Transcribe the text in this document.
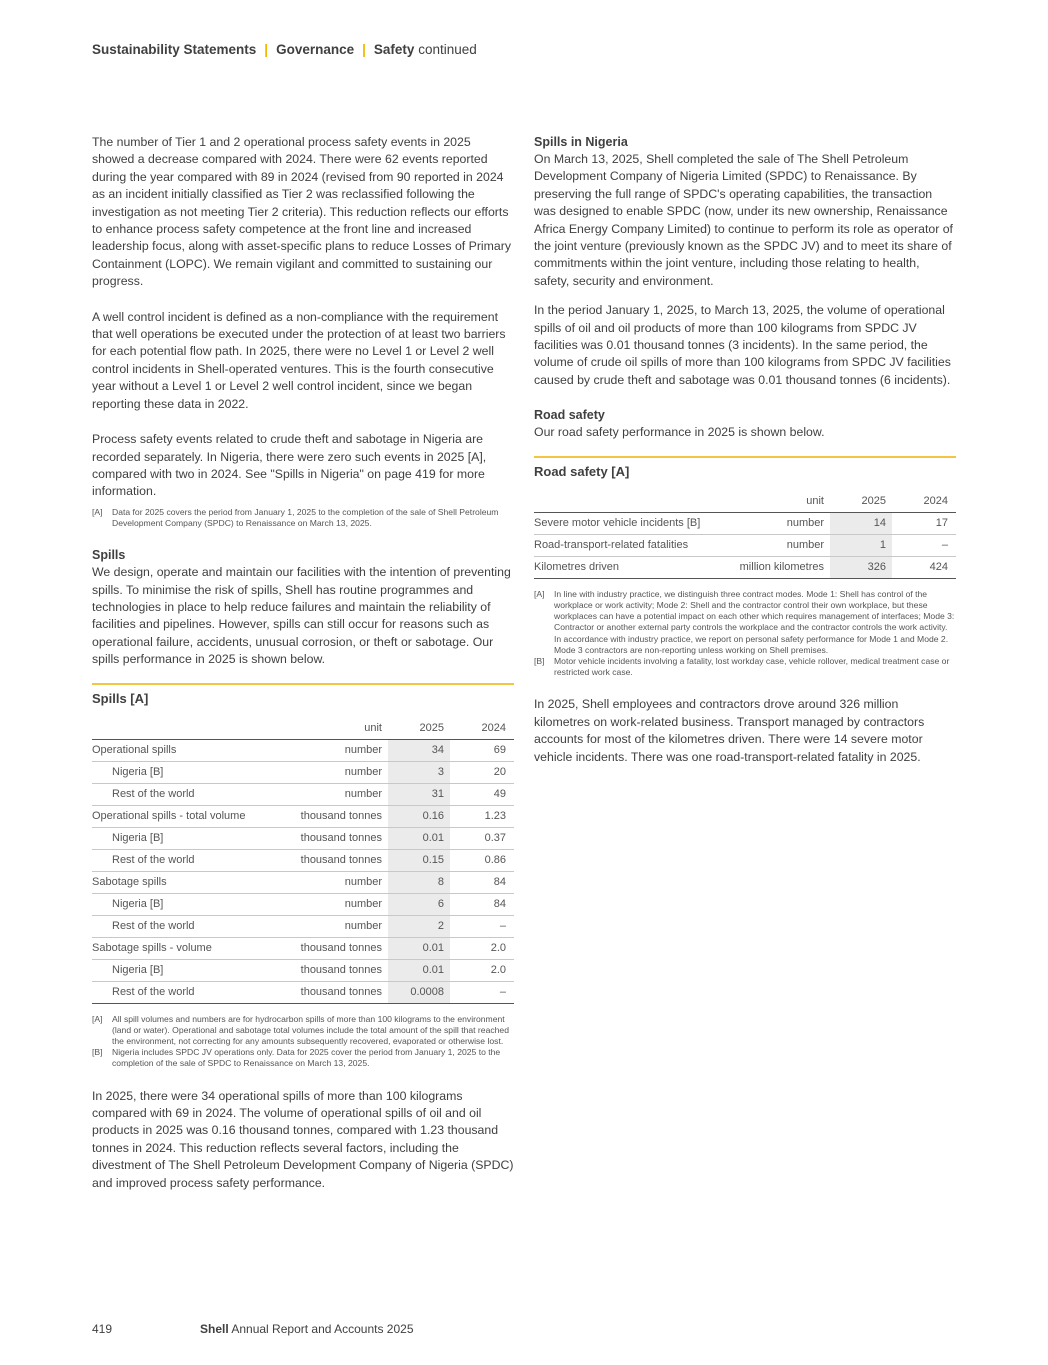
Sustainability Statements | Governance | Safety continued

The number of Tier 1 and 2 operational process safety events in 2025 showed a decrease compared with 2024. There were 62 events reported during the year compared with 89 in 2024 (revised from 90 reported in 2024 as an incident initially classified as Tier 2 was reclassified following the investigation as not meeting Tier 2 criteria). This reduction reflects our efforts to enhance process safety competence at the front line and increased leadership focus, along with asset-specific plans to reduce Losses of Primary Containment (LOPC). We remain vigilant and committed to sustaining our progress.

A well control incident is defined as a non-compliance with the requirement that well operations be executed under the protection of at least two barriers for each potential flow path. In 2025, there were no Level 1 or Level 2 well control incidents in Shell-operated ventures. This is the fourth consecutive year without a Level 1 or Level 2 well control incident, since we began reporting these data in 2022.

Process safety events related to crude theft and sabotage in Nigeria are recorded separately. In Nigeria, there were zero such events in 2025 [A], compared with two in 2024. See "Spills in Nigeria" on page 419 for more information.

[A]	Data for 2025 covers the period from January 1, 2025 to the completion of the sale of Shell Petroleum Development Company (SPDC) to Renaissance on March 13, 2025.

Spills

We design, operate and maintain our facilities with the intention of preventing spills. To minimise the risk of spills, Shell has routine programmes and technologies in place to help reduce failures and maintain the reliability of facilities and pipelines. However, spills can still occur for reasons such as operational failure, accidents, unusual corrosion, or theft or sabotage. Our spills performance in 2025 is shown below.

Spills [A]

	unit	2025	2024
Operational spills	number	34	69
Nigeria [B]	number	3	20
Rest of the world	number	31	49
Operational spills - total volume	thousand tonnes	0.16	1.23
Nigeria [B]	thousand tonnes	0.01	0.37
Rest of the world	thousand tonnes	0.15	0.86
Sabotage spills	number	8	84
Nigeria [B]	number	6	84
Rest of the world	number	2	–
Sabotage spills - volume	thousand tonnes	0.01	2.0
Nigeria [B]	thousand tonnes	0.01	2.0
Rest of the world	thousand tonnes	0.0008	–
[A]	All spill volumes and numbers are for hydrocarbon spills of more than 100 kilograms to the environment (land or water). Operational and sabotage total volumes include the total amount of the spill that reached the environment, not correcting for any amounts subsequently recovered, evaporated or otherwise lost.
[B]	Nigeria includes SPDC JV operations only. Data for 2025 cover the period from January 1, 2025 to the completion of the sale of SPDC to Renaissance on March 13, 2025.

In 2025, there were 34 operational spills of more than 100 kilograms compared with 69 in 2024. The volume of operational spills of oil and oil products in 2025 was 0.16 thousand tonnes, compared with 1.23 thousand tonnes in 2024. This reduction reflects several factors, including the divestment of The Shell Petroleum Development Company of Nigeria (SPDC) and improved process safety performance.

Spills in Nigeria

On March 13, 2025, Shell completed the sale of The Shell Petroleum Development Company of Nigeria Limited (SPDC) to Renaissance. By preserving the full range of SPDC's operating capabilities, the transaction was designed to enable SPDC (now, under its new ownership, Renaissance Africa Energy Company Limited) to continue to perform its role as operator of the joint venture (previously known as the SPDC JV) and to meet its share of commitments within the joint venture, including those relating to health, safety, security and environment.

In the period January 1, 2025, to March 13, 2025, the volume of operational spills of oil and oil products of more than 100 kilograms from SPDC JV facilities was 0.01 thousand tonnes (3 incidents). In the same period, the volume of crude oil spills of more than 100 kilograms from SPDC JV facilities caused by crude theft and sabotage was 0.01 thousand tonnes (6 incidents).

Road safety

Our road safety performance in 2025 is shown below.

Road safety [A]

	unit	2025	2024
Severe motor vehicle incidents [B]	number	14	17
Road-transport-related fatalities	number	1	–
Kilometres driven	million kilometres	326	424
[A]	In line with industry practice, we distinguish three contract modes. Mode 1: Shell has control of the workplace or work activity; Mode 2: Shell and the contractor control their own workplace, but these workplaces can have a potential impact on each other which requires management of interfaces; Mode 3: Contractor or another external party controls the workplace and the contractor controls the work activity. In accordance with industry practice, we report on personal safety performance for Mode 1 and Mode 2. Mode 3 contractors are non-reporting unless working on Shell premises.
[B]	Motor vehicle incidents involving a fatality, lost workday case, vehicle rollover, medical treatment case or restricted work case.

In 2025, Shell employees and contractors drove around 326 million kilometres on work-related business. Transport managed by contractors accounts for most of the kilometres driven. There were 14 severe motor vehicle incidents. There was one road-transport-related fatality in 2025.

419	Shell Annual Report and Accounts 2025
